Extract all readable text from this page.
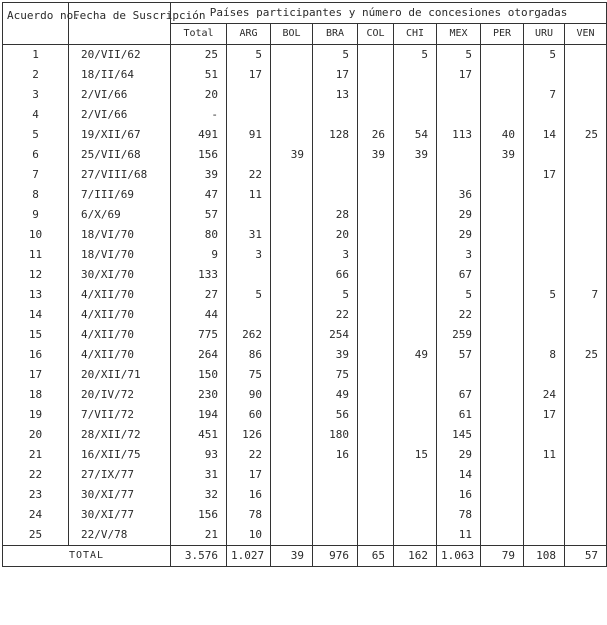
Acuerdo no.	Fecha de Suscripción	Países participantes y número de concesiones otorgadas									
		Total	ARG	BOL	BRA	COL	CHI	MEX	PER	URU	VEN
1	20/VII/62	25	5		5		5	5		5	
2	18/II/64	51	17		17			17			
3	2/VI/66	20			13					7	
4	2/VI/66	-									
5	19/XII/67	491	91		128	26	54	113	40	14	25
6	25/VII/68	156		39		39	39		39		
7	27/VIII/68	39	22							17	
8	7/III/69	47	11					36			
9	6/X/69	57			28			29			
10	18/VI/70	80	31		20			29			
11	18/VI/70	9	3		3			3			
12	30/XI/70	133			66			67			
13	4/XII/70	27	5		5			5		5	7
14	4/XII/70	44			22			22			
15	4/XII/70	775	262		254			259			
16	4/XII/70	264	86		39		49	57		8	25
17	20/XII/71	150	75		75						
18	20/IV/72	230	90		49			67		24	
19	7/VII/72	194	60		56			61		17	
20	28/XII/72	451	126		180			145			
21	16/XII/75	93	22		16		15	29		11	
22	27/IX/77	31	17					14			
23	30/XI/77	32	16					16			
24	30/XI/77	156	78					78			
25	22/V/78	21	10					11			
TOTAL		3.576	1.027	39	976	65	162	1.063	79	108	57
